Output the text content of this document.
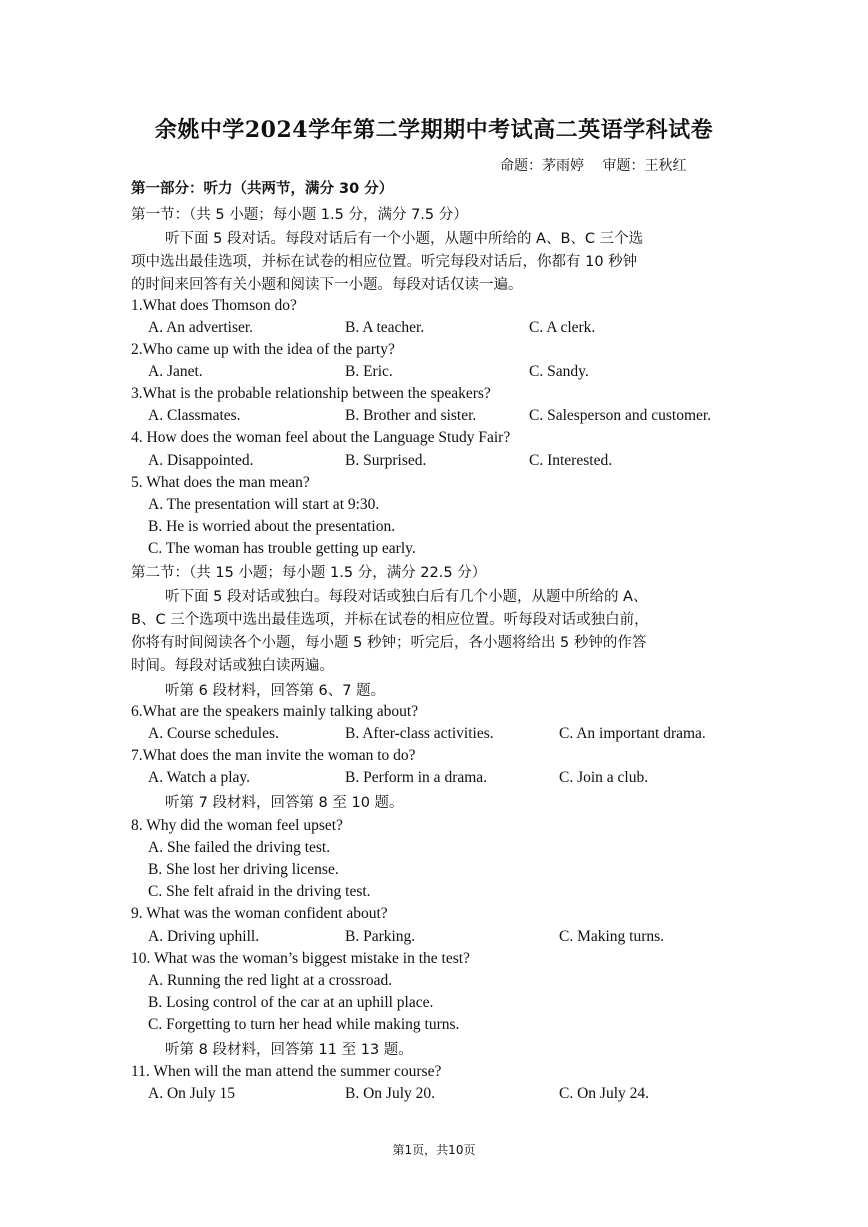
余姚中学2024学年第二学期期中考试高二英语学科试卷
命题：茅雨婷　 审题：王秋红
第一部分：听力（共两节，满分 30 分）
第一节：（共 5 小题；每小题 1.5 分，满分 7.5 分）
听下面 5 段对话。每段对话后有一个小题，从题中所给的 A、B、C 三个选
项中选出最佳选项，并标在试卷的相应位置。听完每段对话后，你都有 10 秒钟
的时间来回答有关小题和阅读下一小题。每段对话仅读一遍。
1.What does Thomson do?
A. An advertiser.	B. A teacher.	C. A clerk.
2.Who came up with the idea of the party?
A. Janet.	B. Eric.	C. Sandy.
3.What is the probable relationship between the speakers?
A. Classmates.	B. Brother and sister.	C. Salesperson and customer.
4. How does the woman feel about the Language Study Fair?
A. Disappointed.	B. Surprised.	C. Interested.
5. What does the man mean?
A. The presentation will start at 9:30.
B. He is worried about the presentation.
C. The woman has trouble getting up early.
第二节：（共 15 小题；每小题 1.5 分，满分 22.5 分）
听下面 5 段对话或独白。每段对话或独白后有几个小题，从题中所给的 A、
B、C 三个选项中选出最佳选项，并标在试卷的相应位置。听每段对话或独白前，
你将有时间阅读各个小题，每小题 5 秒钟；听完后，各小题将给出 5 秒钟的作答
时间。每段对话或独白读两遍。
听第 6 段材料，回答第 6、7 题。
6.What are the speakers mainly talking about?
A. Course schedules.	B. After-class activities.	C. An important drama.
7.What does the man invite the woman to do?
A. Watch a play.	B. Perform in a drama.	C. Join a club.
听第 7 段材料，回答第 8 至 10 题。
8. Why did the woman feel upset?
A. She failed the driving test.
B. She lost her driving license.
C. She felt afraid in the driving test.
9. What was the woman confident about?
A. Driving uphill.	B. Parking.	C. Making turns.
10. What was the woman’s biggest mistake in the test?
A. Running the red light at a crossroad.
B. Losing control of the car at an uphill place.
C. Forgetting to turn her head while making turns.
听第 8 段材料，回答第 11 至 13 题。
11. When will the man attend the summer course?
A. On July 15	B. On July 20.	C. On July 24.
第1页，共10页
